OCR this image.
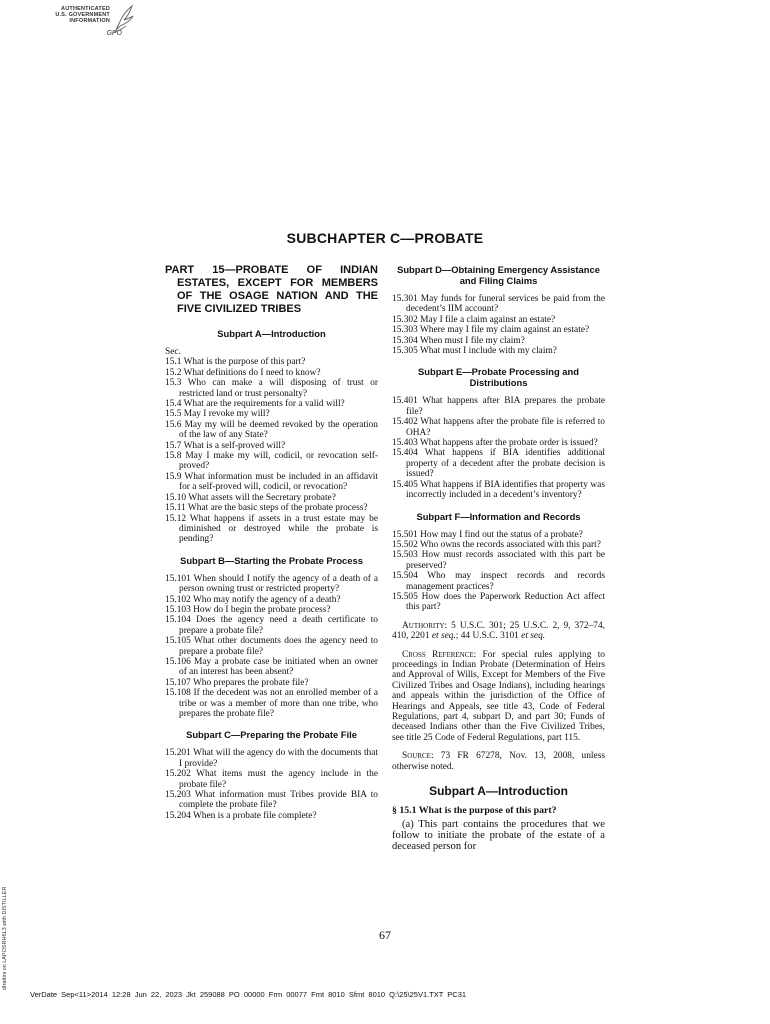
AUTHENTICATED
U.S. GOVERNMENT
INFORMATION
GPO
SUBCHAPTER C—PROBATE
PART 15—PROBATE OF INDIAN ESTATES, EXCEPT FOR MEMBERS OF THE OSAGE NATION AND THE FIVE CIVILIZED TRIBES
Subpart A—Introduction
Sec.
15.1 What is the purpose of this part?
15.2 What definitions do I need to know?
15.3 Who can make a will disposing of trust or restricted land or trust personalty?
15.4 What are the requirements for a valid will?
15.5 May I revoke my will?
15.6 May my will be deemed revoked by the operation of the law of any State?
15.7 What is a self-proved will?
15.8 May I make my will, codicil, or revocation self-proved?
15.9 What information must be included in an affidavit for a self-proved will, codicil, or revocation?
15.10 What assets will the Secretary probate?
15.11 What are the basic steps of the probate process?
15.12 What happens if assets in a trust estate may be diminished or destroyed while the probate is pending?
Subpart B—Starting the Probate Process
15.101 When should I notify the agency of a death of a person owning trust or restricted property?
15.102 Who may notify the agency of a death?
15.103 How do I begin the probate process?
15.104 Does the agency need a death certificate to prepare a probate file?
15.105 What other documents does the agency need to prepare a probate file?
15.106 May a probate case be initiated when an owner of an interest has been absent?
15.107 Who prepares the probate file?
15.108 If the decedent was not an enrolled member of a tribe or was a member of more than one tribe, who prepares the probate file?
Subpart C—Preparing the Probate File
15.201 What will the agency do with the documents that I provide?
15.202 What items must the agency include in the probate file?
15.203 What information must Tribes provide BIA to complete the probate file?
15.204 When is a probate file complete?
Subpart D—Obtaining Emergency Assistance and Filing Claims
15.301 May funds for funeral services be paid from the decedent’s IIM account?
15.302 May I file a claim against an estate?
15.303 Where may I file my claim against an estate?
15.304 When must I file my claim?
15.305 What must I include with my claim?
Subpart E—Probate Processing and Distributions
15.401 What happens after BIA prepares the probate file?
15.402 What happens after the probate file is referred to OHA?
15.403 What happens after the probate order is issued?
15.404 What happens if BIA identifies additional property of a decedent after the probate decision is issued?
15.405 What happens if BIA identifies that property was incorrectly included in a decedent’s inventory?
Subpart F—Information and Records
15.501 How may I find out the status of a probate?
15.502 Who owns the records associated with this part?
15.503 How must records associated with this part be preserved?
15.504 Who may inspect records and records management practices?
15.505 How does the Paperwork Reduction Act affect this part?
Authority: 5 U.S.C. 301; 25 U.S.C. 2, 9, 372–74, 410, 2201 et seq.; 44 U.S.C. 3101 et seq.
Cross Reference: For special rules applying to proceedings in Indian Probate (Determination of Heirs and Approval of Wills, Except for Members of the Five Civilized Tribes and Osage Indians), including hearings and appeals within the jurisdiction of the Office of Hearings and Appeals, see title 43, Code of Federal Regulations, part 4, subpart D, and part 30; Funds of deceased Indians other than the Five Civilized Tribes, see title 25 Code of Federal Regulations, part 115.
Source: 73 FR 67278, Nov. 13, 2008, unless otherwise noted.
Subpart A—Introduction
§ 15.1 What is the purpose of this part?
(a) This part contains the procedures that we follow to initiate the probate of the estate of a deceased person for
67
VerDate Sep<11>2014 12:28 Jun 22, 2023 Jkt 259088 PO 00000 Frm 00077 Fmt 8010 Sfmt 8010 Q:\25\25V1.TXT PC31
dfrattini on LAPOSRH6L3 with DISTILLER
